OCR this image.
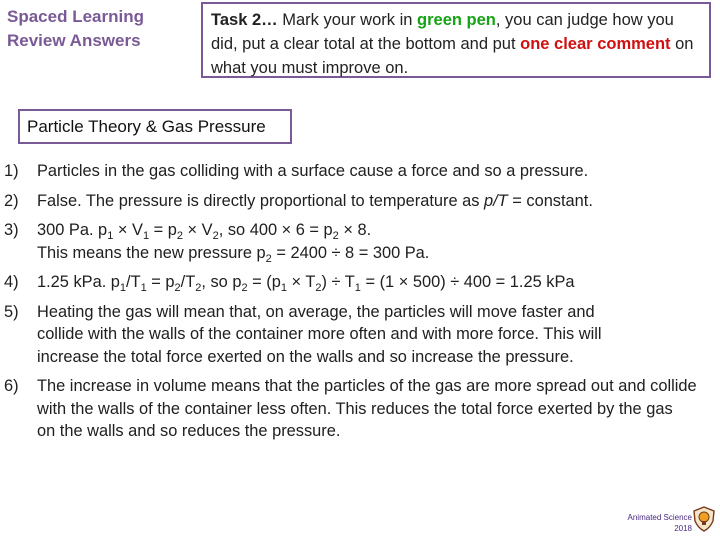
Spaced Learning
Review Answers
Task 2… Mark your work in green pen, you can judge how you did, put a clear total at the bottom and put one clear comment on what you must improve on.
Particle Theory & Gas Pressure
1) Particles in the gas colliding with a surface cause a force and so a pressure.
2) False. The pressure is directly proportional to temperature as p/T = constant.
3) 300 Pa. $p_1 \times V_1 = p_2 \times V_2$, so $400 \times 6 = p_2 \times 8$.
This means the new pressure $p_2 = 2400 \div 8 = 300$ Pa.
4) 1.25 kPa. $p_1/T_1 = p_2/T_2$, so $p_2 = (p_1 \times T_2) \div T_1 = (1 \times 500) \div 400 = 1.25$ kPa
5) Heating the gas will mean that, on average, the particles will move faster and
collide with the walls of the container more often and with more force. This will
increase the total force exerted on the walls and so increase the pressure.
6) The increase in volume means that the particles of the gas are more spread out and collide
with the walls of the container less often. This reduces the total force exerted by the gas
on the walls and so reduces the pressure.
Animated Science
2018
